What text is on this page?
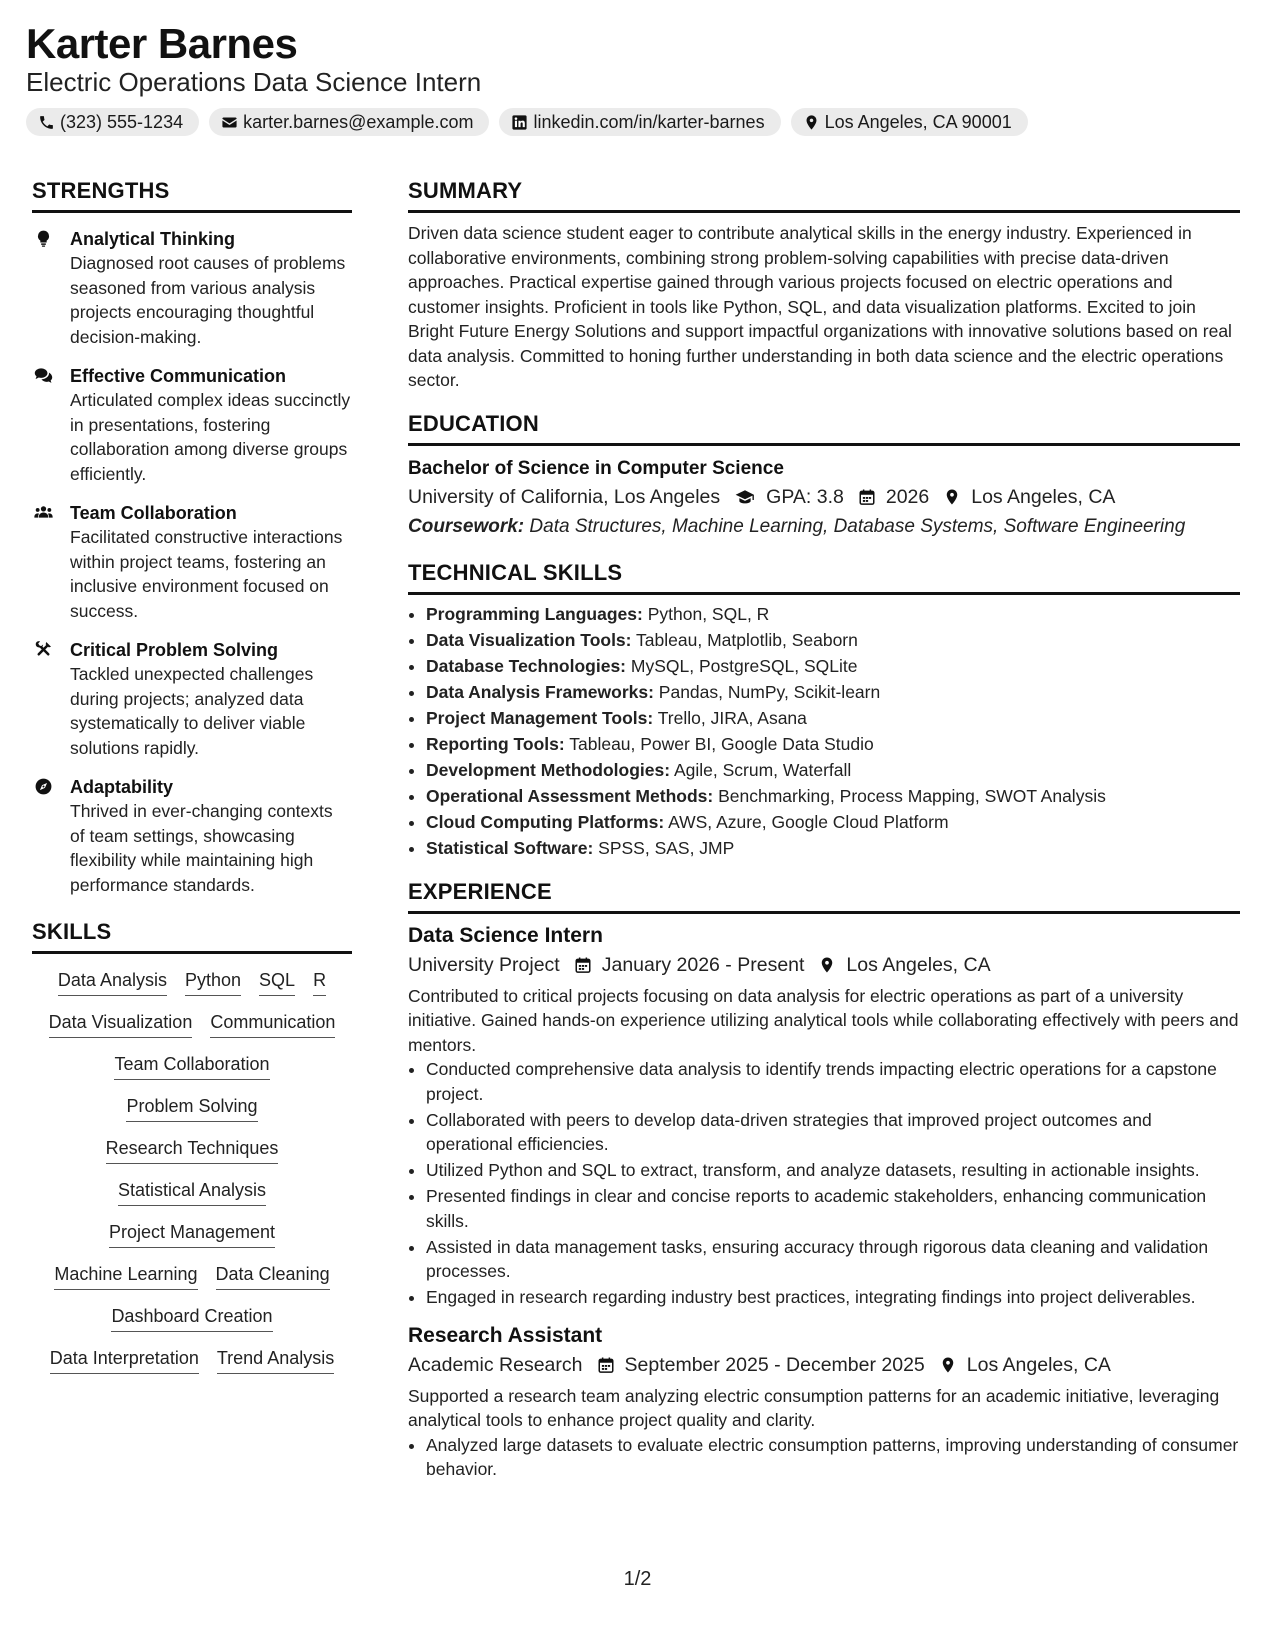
Karter Barnes

Electric Operations Data Science Intern

(323) 555-1234	karter.barnes@example.com	linkedin.com/in/karter-barnes	Los Angeles, CA 90001
STRENGTHS
Analytical Thinking
Diagnosed root causes of problems seasoned from various analysis projects encouraging thoughtful decision-making.
Effective Communication
Articulated complex ideas succinctly in presentations, fostering collaboration among diverse groups efficiently.
Team Collaboration
Facilitated constructive interactions within project teams, fostering an inclusive environment focused on success.
Critical Problem Solving
Tackled unexpected challenges during projects; analyzed data systematically to deliver viable solutions rapidly.
Adaptability
Thrived in ever-changing contexts of team settings, showcasing flexibility while maintaining high performance standards.
SKILLS
Data Analysis Python SQL R
Data Visualization Communication
Team Collaboration
Problem Solving
Research Techniques
Statistical Analysis
Project Management
Machine Learning Data Cleaning
Dashboard Creation
Data Interpretation Trend Analysis
SUMMARY

Driven data science student eager to contribute analytical skills in the energy industry. Experienced in collaborative environments, combining strong problem-solving capabilities with precise data-driven approaches. Practical expertise gained through various projects focused on electric operations and customer insights. Proficient in tools like Python, SQL, and data visualization platforms. Excited to join Bright Future Energy Solutions and support impactful organizations with innovative solutions based on real data analysis. Committed to honing further understanding in both data science and the electric operations sector.

EDUCATION
Bachelor of Science in Computer Science
University of California, Los Angeles GPA: 3.8 2026 Los Angeles, CA
Coursework: Data Structures, Machine Learning, Database Systems, Software Engineering
TECHNICAL SKILLS
• Programming Languages: Python, SQL, R
• Data Visualization Tools: Tableau, Matplotlib, Seaborn
• Database Technologies: MySQL, PostgreSQL, SQLite
• Data Analysis Frameworks: Pandas, NumPy, Scikit-learn
• Project Management Tools: Trello, JIRA, Asana
• Reporting Tools: Tableau, Power BI, Google Data Studio
• Development Methodologies: Agile, Scrum, Waterfall
• Operational Assessment Methods: Benchmarking, Process Mapping, SWOT Analysis
• Cloud Computing Platforms: AWS, Azure, Google Cloud Platform
• Statistical Software: SPSS, SAS, JMP
EXPERIENCE
Data Science Intern
University Project January 2026 - Present Los Angeles, CA

Contributed to critical projects focusing on data analysis for electric operations as part of a university initiative. Gained hands-on experience utilizing analytical tools while collaborating effectively with peers and mentors.

• Conducted comprehensive data analysis to identify trends impacting electric operations for a capstone project.
• Collaborated with peers to develop data-driven strategies that improved project outcomes and operational efficiencies.
• Utilized Python and SQL to extract, transform, and analyze datasets, resulting in actionable insights.
• Presented findings in clear and concise reports to academic stakeholders, enhancing communication skills.
• Assisted in data management tasks, ensuring accuracy through rigorous data cleaning and validation processes.
• Engaged in research regarding industry best practices, integrating findings into project deliverables.
Research Assistant
Academic Research September 2025 - December 2025 Los Angeles, CA

Supported a research team analyzing electric consumption patterns for an academic initiative, leveraging analytical tools to enhance project quality and clarity.

• Analyzed large datasets to evaluate electric consumption patterns, improving understanding of consumer behavior.
1/2
